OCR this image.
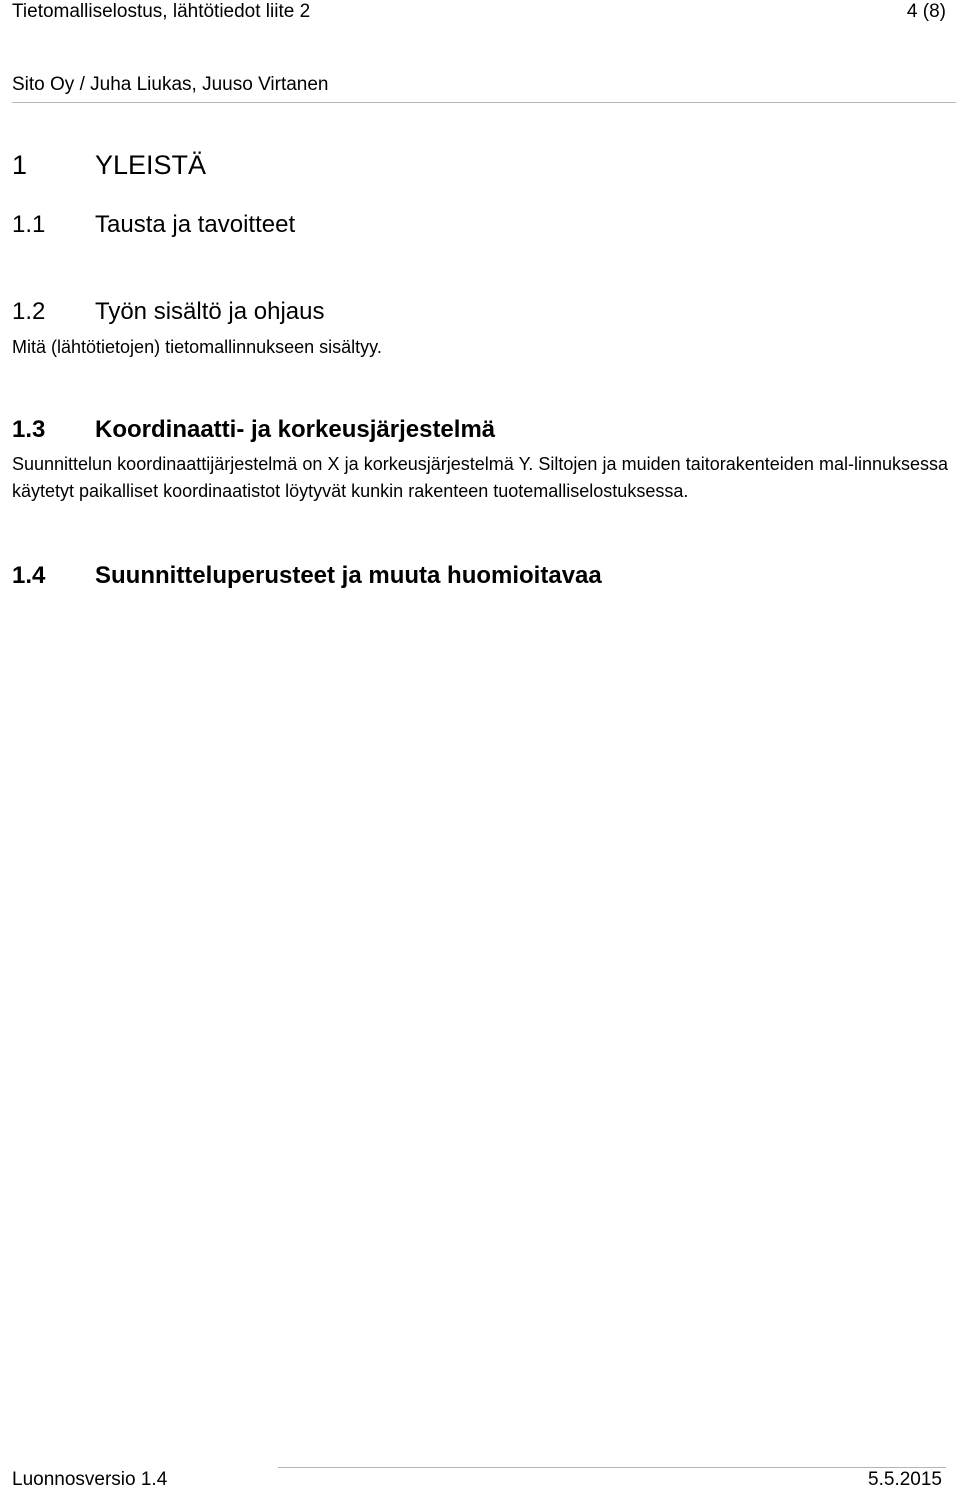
Tietomalliselostus, lähtötiedot liite 2	4 (8)
Sito Oy / Juha Liukas, Juuso Virtanen
1	YLEISTÄ
1.1 Tausta ja tavoitteet
1.2 Työn sisältö ja ohjaus
Mitä (lähtötietojen) tietomallinnukseen sisältyy.
1.3 Koordinaatti- ja korkeusjärjestelmä
Suunnittelun koordinaattijärjestelmä on X ja korkeusjärjestelmä Y. Siltojen ja muiden taitorakenteiden mal-linnuksessa käytetyt paikalliset koordinaatistot löytyvät kunkin rakenteen tuotemalliselostuksessa.
1.4 Suunnitteluperusteet ja muuta huomioitavaa
Luonnosversio 1.4	5.5.2015
